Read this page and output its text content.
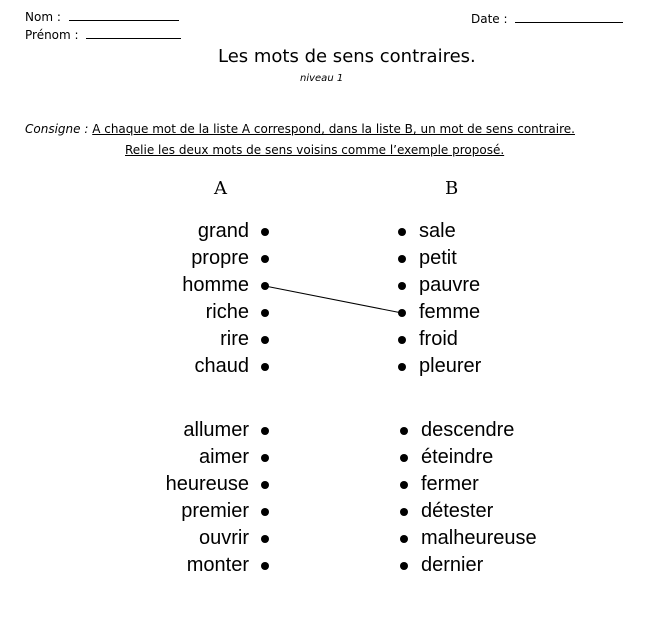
Nom :
Prénom :
Date :
Les mots de sens contraires.
niveau 1
Consigne : A chaque mot de la liste A correspond, dans la liste B, un mot de sens contraire.
Relie les deux mots de sens voisins comme l’exemple proposé.
A	B
grand
propre
homme
riche
rire
chaud
sale
petit
pauvre
femme
froid
pleurer
allumer
aimer
heureuse
premier
ouvrir
monter
descendre
éteindre
fermer
détester
malheureuse
dernier
